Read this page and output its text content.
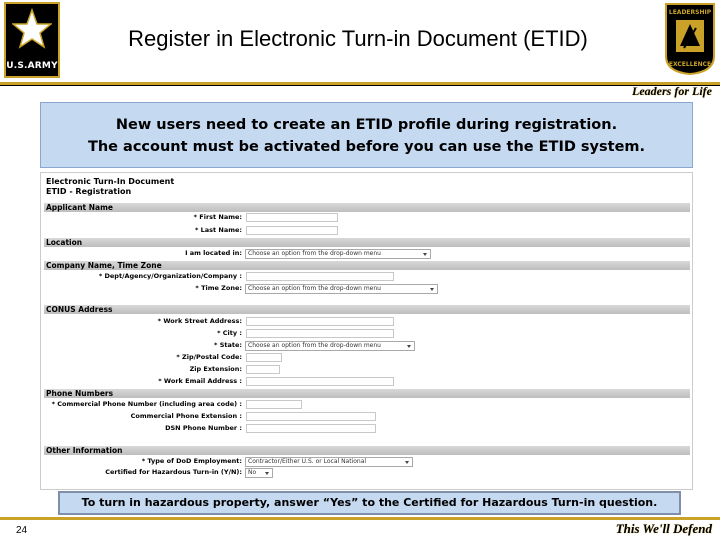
U.S.ARMY
Register in Electronic Turn-in Document (ETID)
LEADERSHIP
EXCELLENCE
Leaders for Life
New users need to create an ETID profile during registration.
The account must be activated before you can use the ETID system.
Electronic Turn-In Document
ETID - Registration
Applicant Name
* First Name:
* Last Name:
Location
I am located in:	Choose an option from the drop-down menu
Company Name, Time Zone
* Dept/Agency/Organization/Company :
* Time Zone:	Choose an option from the drop-down menu
CONUS Address
* Work Street Address:
* City :
* State:	Choose an option from the drop-down menu
* Zip/Postal Code:
Zip Extension:
* Work Email Address :
Phone Numbers
* Commercial Phone Number (including area code) :
Commercial Phone Extension :
DSN Phone Number :
Other Information
* Type of DoD Employment:	Contractor/Either U.S. or Local National
Certified for Hazardous Turn-in (Y/N):	No
To turn in hazardous property, answer “Yes” to the Certified for Hazardous Turn-in question.
24	This We'll Defend
